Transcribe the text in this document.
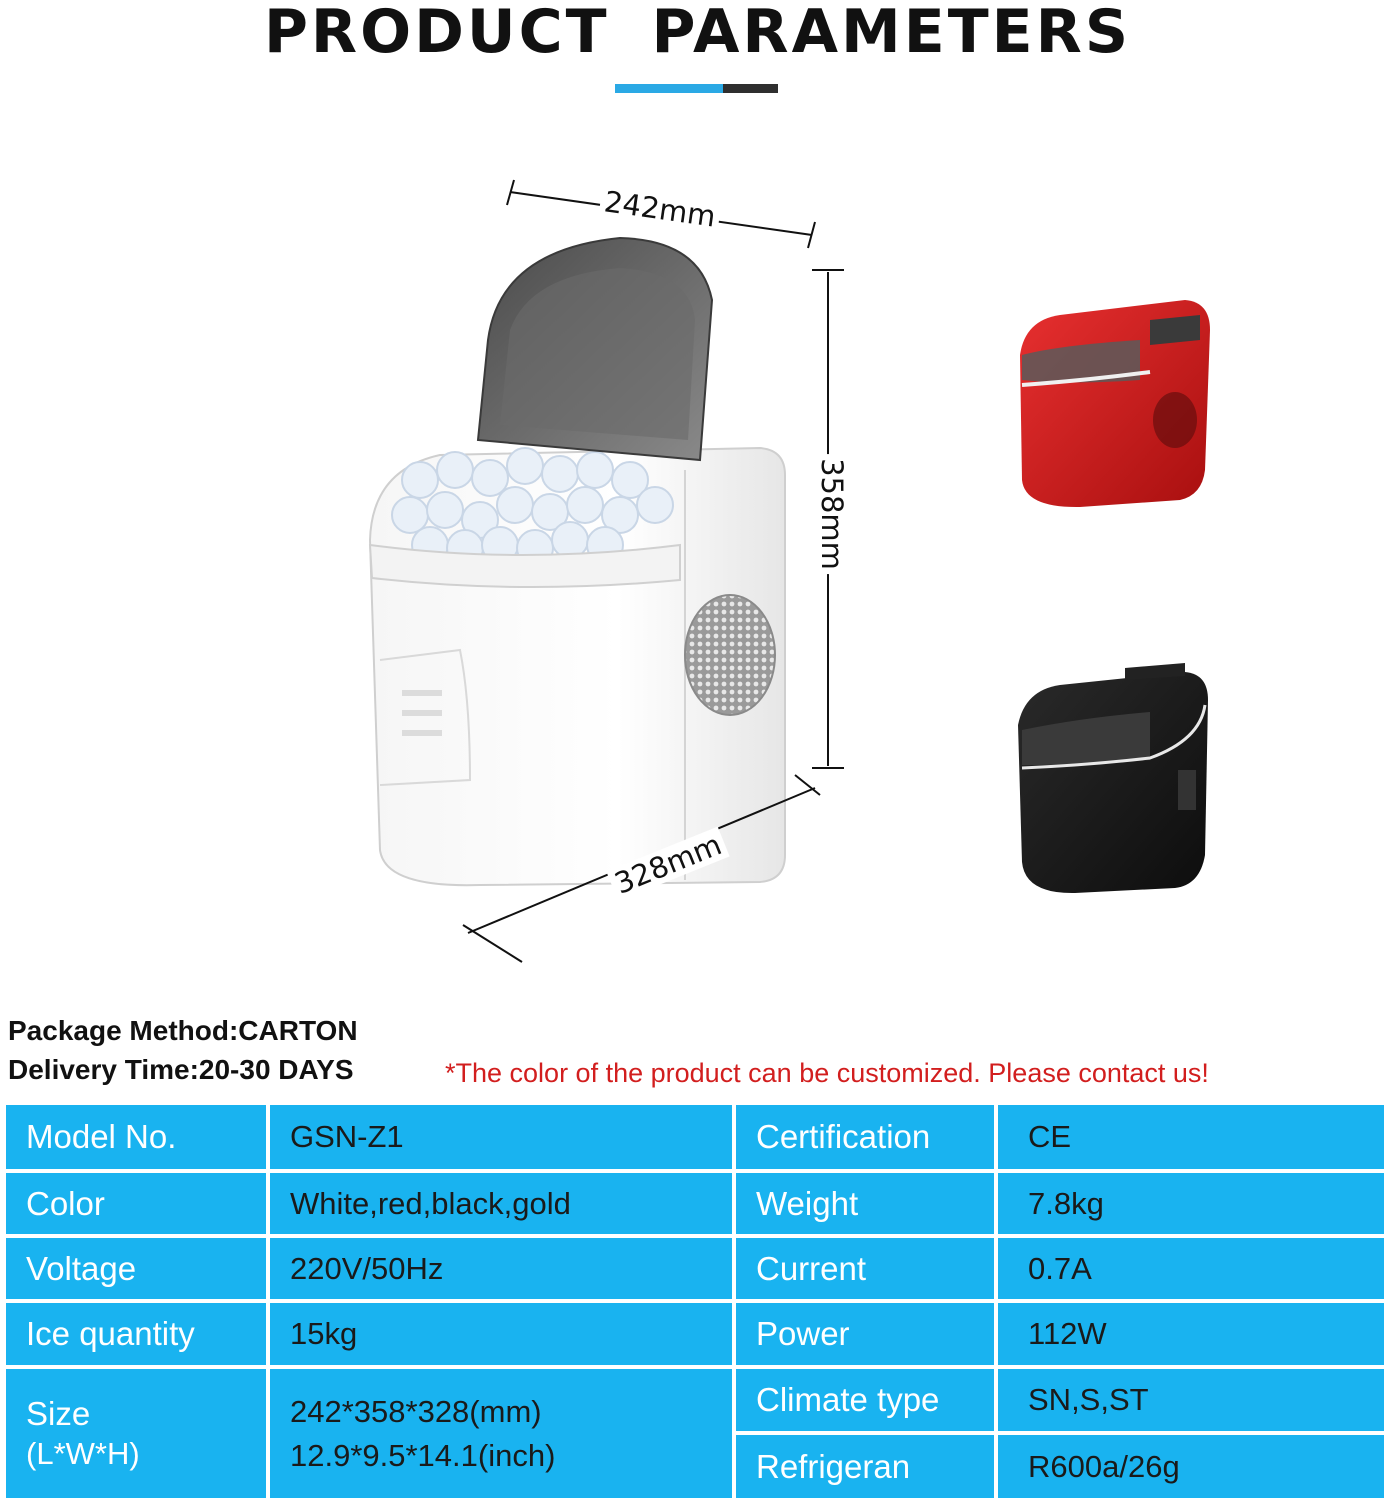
PRODUCT PARAMETERS
242mm
358mm
328mm
Package Method:CARTON
Delivery Time:20-30 DAYS	*The color of the product can be customized. Please contact us!
Model No.
Color
Voltage
Ice quantity
Size
(L*W*H)
GSN-Z1
White,red,black,gold
220V/50Hz
15kg
242*358*328(mm)
12.9*9.5*14.1(inch)
Certification
Weight
Current
Power
Climate type
Refrigeran
CE
7.8kg
0.7A
112W
SN,S,ST
R600a/26g
